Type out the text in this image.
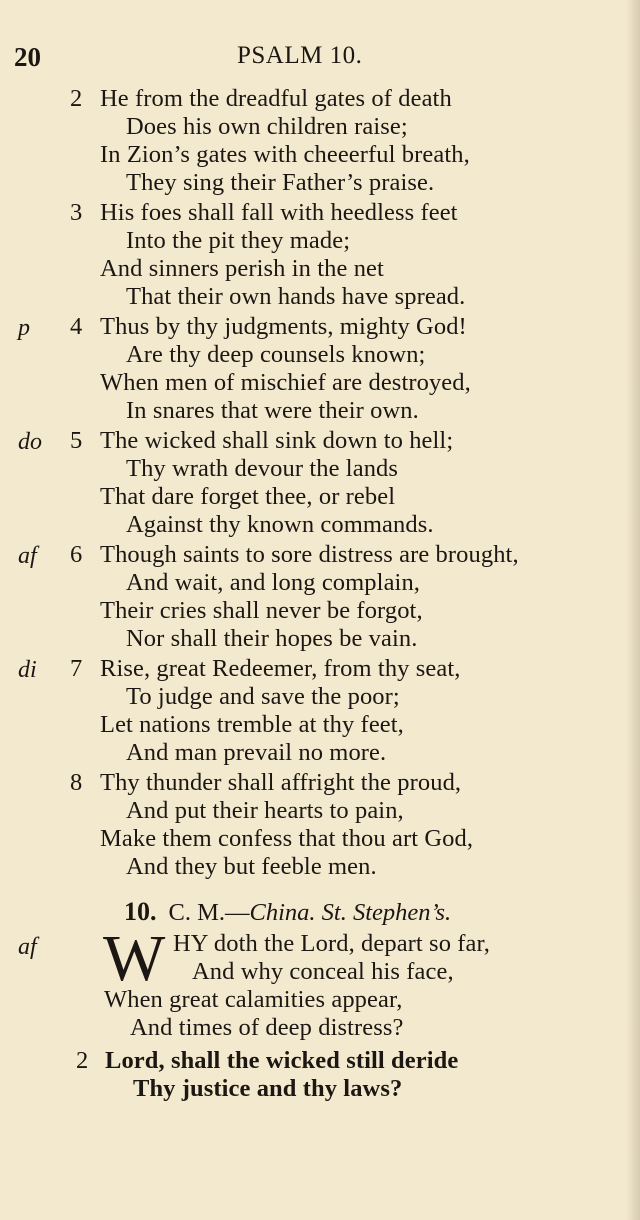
20	PSALM 10.
2 He from the dreadful gates of death
Does his own children raise;
In Zion’s gates with cheeerful breath,
They sing their Father’s praise.
3 His foes shall fall with heedless feet
Into the pit they made;
And sinners perish in the net
That their own hands have spread.
p 4 Thus by thy judgments, mighty God!
Are thy deep counsels known;
When men of mischief are destroyed,
In snares that were their own.
do 5 The wicked shall sink down to hell;
Thy wrath devour the lands
That dare forget thee, or rebel
Against thy known commands.
af 6 Though saints to sore distress are brought,
And wait, and long complain,
Their cries shall never be forgot,
Nor shall their hopes be vain.
di 7 Rise, great Redeemer, from thy seat,
To judge and save the poor;
Let nations tremble at thy feet,
And man prevail no more.
8 Thy thunder shall affright the proud,
And put their hearts to pain,
Make them confess that thou art God,
And they but feeble men.
10. C. M.—China. St. Stephen’s.
af W HY doth the Lord, depart so far,
And why conceal his face,
When great calamities appear,
And times of deep distress?
2 Lord, shall the wicked still deride
Thy justice and thy laws?
